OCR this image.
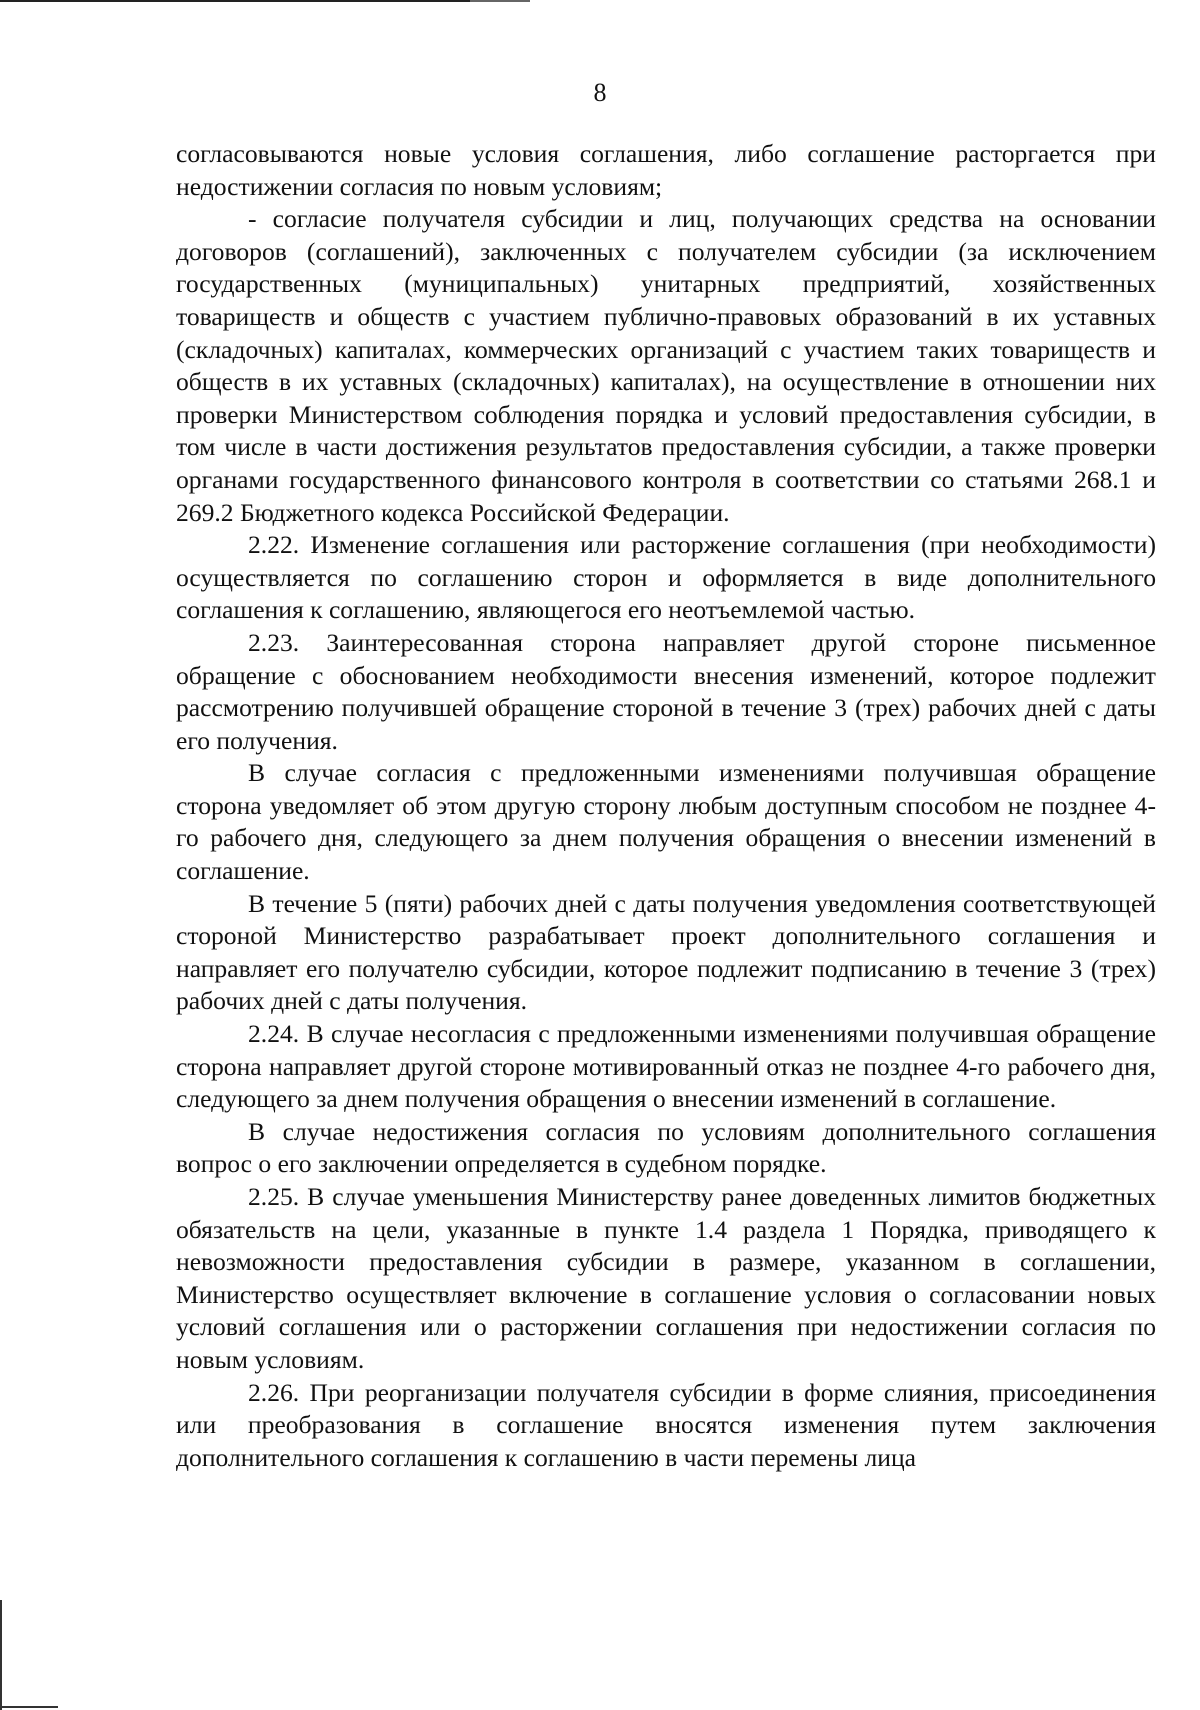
8

согласовываются новые условия соглашения, либо соглашение расторгается при недостижении согласия по новым условиям;

- согласие получателя субсидии и лиц, получающих средства на основании договоров (соглашений), заключенных с получателем субсидии (за исключением государственных (муниципальных) унитарных предприятий, хозяйственных товариществ и обществ с участием публично-правовых образований в их уставных (складочных) капиталах, коммерческих организаций с участием таких товариществ и обществ в их уставных (складочных) капиталах), на осуществление в отношении них проверки Министерством соблюдения порядка и условий предоставления субсидии, в том числе в части достижения результатов предоставления субсидии, а также проверки органами государственного финансового контроля в соответствии со статьями 268.1 и 269.2 Бюджетного кодекса Российской Федерации.

2.22. Изменение соглашения или расторжение соглашения (при необходимости) осуществляется по соглашению сторон и оформляется в виде дополнительного соглашения к соглашению, являющегося его неотъемлемой частью.

2.23. Заинтересованная сторона направляет другой стороне письменное обращение с обоснованием необходимости внесения изменений, которое подлежит рассмотрению получившей обращение стороной в течение 3 (трех) рабочих дней с даты его получения.

В случае согласия с предложенными изменениями получившая обращение сторона уведомляет об этом другую сторону любым доступным способом не позднее 4-го рабочего дня, следующего за днем получения обращения о внесении изменений в соглашение.

В течение 5 (пяти) рабочих дней с даты получения уведомления соответствующей стороной Министерство разрабатывает проект дополнительного соглашения и направляет его получателю субсидии, которое подлежит подписанию в течение 3 (трех) рабочих дней с даты получения.

2.24. В случае несогласия с предложенными изменениями получившая обращение сторона направляет другой стороне мотивированный отказ не позднее 4-го рабочего дня, следующего за днем получения обращения о внесении изменений в соглашение.

В случае недостижения согласия по условиям дополнительного соглашения вопрос о его заключении определяется в судебном порядке.

2.25. В случае уменьшения Министерству ранее доведенных лимитов бюджетных обязательств на цели, указанные в пункте 1.4 раздела 1 Порядка, приводящего к невозможности предоставления субсидии в размере, указанном в соглашении, Министерство осуществляет включение в соглашение условия о согласовании новых условий соглашения или о расторжении соглашения при недостижении согласия по новым условиям.

2.26. При реорганизации получателя субсидии в форме слияния, присоединения или преобразования в соглашение вносятся изменения путем заключения дополнительного соглашения к соглашению в части перемены лица
